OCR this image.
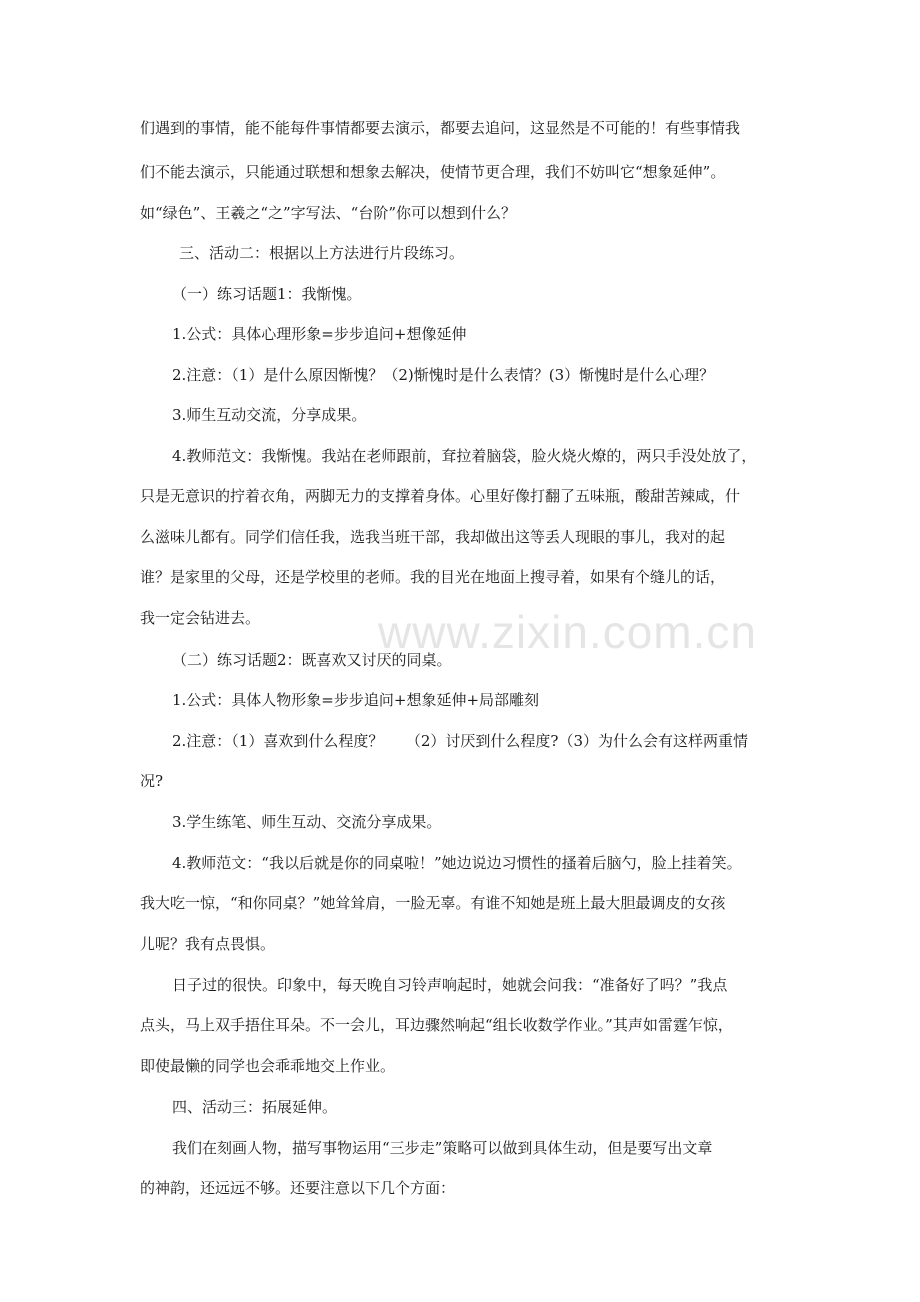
www.zixin.com.cn
们遇到的事情，能不能每件事情都要去演示，都要去追问，这显然是不可能的！有些事情我
们不能去演示，只能通过联想和想象去解决，使情节更合理，我们不妨叫它“想象延伸”。
如“绿色”、王羲之“之”字写法、“台阶”你可以想到什么？
三、活动二：根据以上方法进行片段练习。
（一）练习话题1：我惭愧。
1.公式：具体心理形象=步步追问+想像延伸
2.注意：（1）是什么原因惭愧？（2)惭愧时是什么表情？(3）惭愧时是什么心理？
3.师生互动交流，分享成果。
4.教师范文：我惭愧。我站在老师跟前，耷拉着脑袋，脸火烧火燎的，两只手没处放了，
只是无意识的拧着衣角，两脚无力的支撑着身体。心里好像打翻了五味瓶，酸甜苦辣咸，什
么滋味儿都有。同学们信任我，选我当班干部，我却做出这等丢人现眼的事儿，我对的起
谁？是家里的父母，还是学校里的老师。我的目光在地面上搜寻着，如果有个缝儿的话，
我一定会钻进去。
（二）练习话题2：既喜欢又讨厌的同桌。
1.公式：具体人物形象=步步追问+想象延伸+局部雕刻
2.注意：（1）喜欢到什么程度？　　（2）讨厌到什么程度?（3）为什么会有这样两重情
况?
3.学生练笔、师生互动、交流分享成果。
4.教师范文：“我以后就是你的同桌啦！”她边说边习惯性的搔着后脑勺，脸上挂着笑。
我大吃一惊，“和你同桌？”她耸耸肩，一脸无辜。有谁不知她是班上最大胆最调皮的女孩
儿呢？我有点畏惧。
日子过的很快。印象中，每天晚自习铃声响起时，她就会问我：“准备好了吗？”我点
点头，马上双手捂住耳朵。不一会儿，耳边骤然响起“组长收数学作业。”其声如雷霆乍惊，
即使最懒的同学也会乖乖地交上作业。
四、活动三：拓展延伸。
我们在刻画人物，描写事物运用“三步走”策略可以做到具体生动，但是要写出文章
的神韵，还远远不够。还要注意以下几个方面：
